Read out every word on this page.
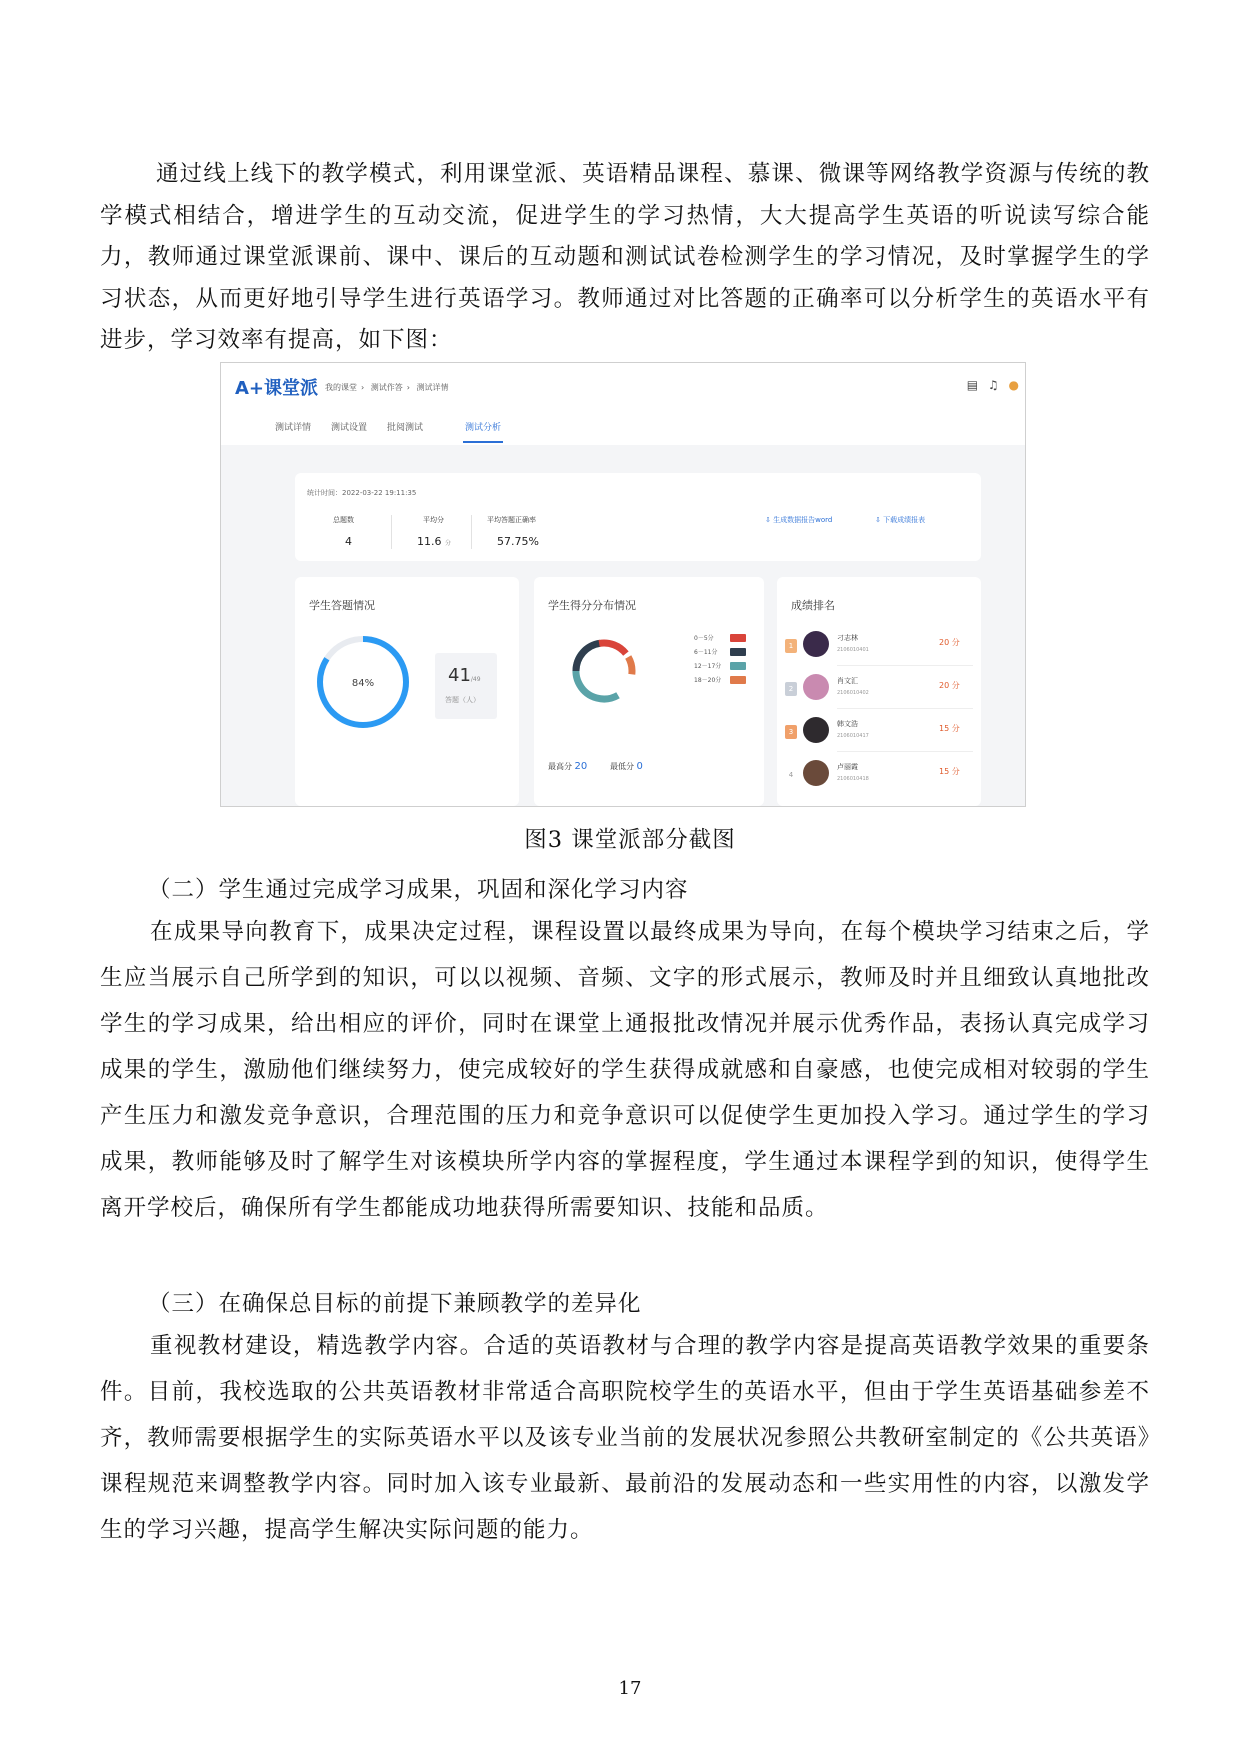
通过线上线下的教学模式，利用课堂派、英语精品课程、慕课、微课等网络教学资源与传统的教学模式相结合，增进学生的互动交流，促进学生的学习热情，大大提高学生英语的听说读写综合能力，教师通过课堂派课前、课中、课后的互动题和测试试卷检测学生的学习情况，及时掌握学生的学习状态，从而更好地引导学生进行英语学习。教师通过对比答题的正确率可以分析学生的英语水平有进步，学习效率有提高，如下图：

A+课堂派 我的课堂 › 测试作答 › 测试详情	▤ ♫ ●
测试详情 测试设置 批阅测试	测试分析
统计时间：2022-03-22 19:11:35
总题数
4
平均分
11.6 分
平均答题正确率
57.75%
⇩ 生成数据报告word	⇩ 下载成绩报表
学生答题情况
84%	41/49
答题（人）
学生得分分布情况
0－5分
6－11分
12－17分
18－20分
最高分 20	最低分 0
成绩排名
1
刁志林
2106010401
20 分
2
肖文汇
2106010402
20 分
3
韩文浩
2106010417
15 分
4
卢丽霞
2106010418
15 分
图3 课堂派部分截图

（二）学生通过完成学习成果，巩固和深化学习内容

在成果导向教育下，成果决定过程，课程设置以最终成果为导向，在每个模块学习结束之后，学生应当展示自己所学到的知识，可以以视频、音频、文字的形式展示，教师及时并且细致认真地批改学生的学习成果，给出相应的评价，同时在课堂上通报批改情况并展示优秀作品，表扬认真完成学习成果的学生，激励他们继续努力，使完成较好的学生获得成就感和自豪感，也使完成相对较弱的学生产生压力和激发竞争意识，合理范围的压力和竞争意识可以促使学生更加投入学习。通过学生的学习成果，教师能够及时了解学生对该模块所学内容的掌握程度，学生通过本课程学到的知识，使得学生离开学校后，确保所有学生都能成功地获得所需要知识、技能和品质。

（三）在确保总目标的前提下兼顾教学的差异化

重视教材建设，精选教学内容。合适的英语教材与合理的教学内容是提高英语教学效果的重要条件。目前，我校选取的公共英语教材非常适合高职院校学生的英语水平，但由于学生英语基础参差不齐，教师需要根据学生的实际英语水平以及该专业当前的发展状况参照公共教研室制定的《公共英语》课程规范来调整教学内容。同时加入该专业最新、最前沿的发展动态和一些实用性的内容，以激发学生的学习兴趣，提高学生解决实际问题的能力。

17
